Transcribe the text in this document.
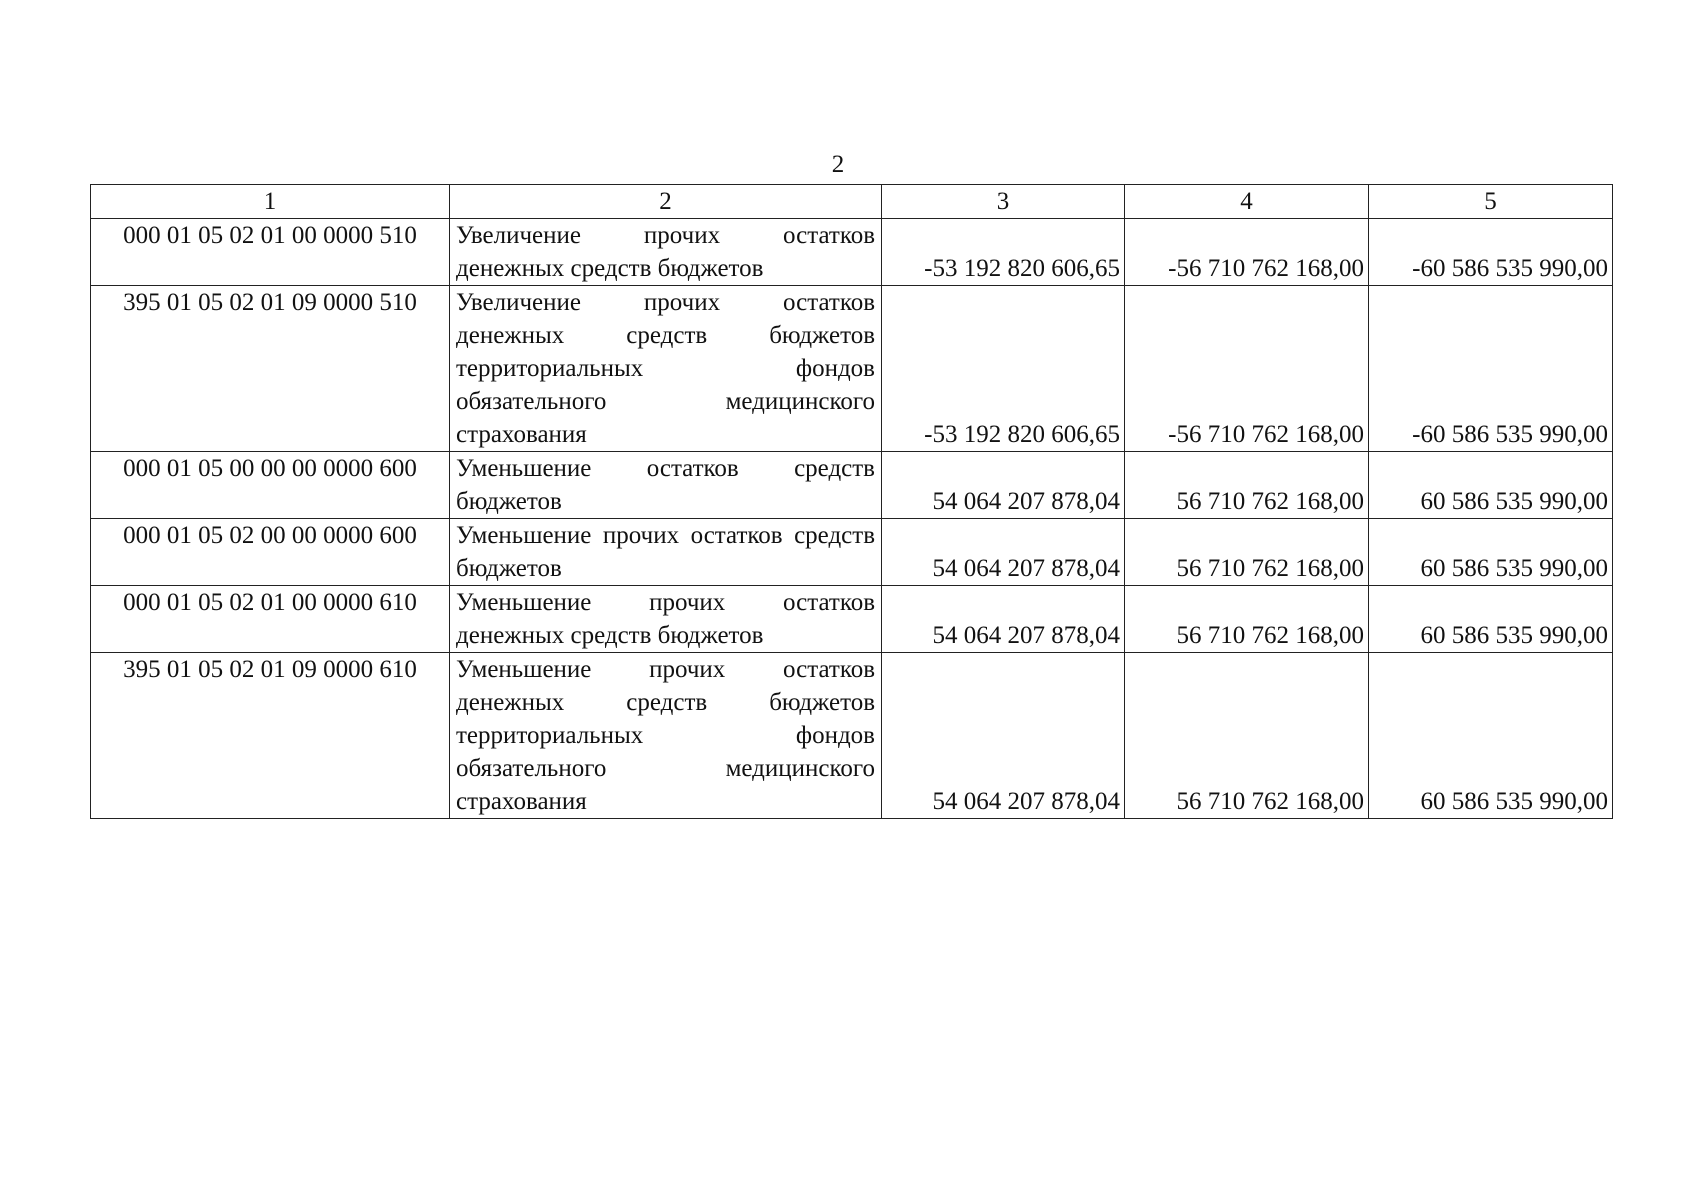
2
1	2	3	4	5
000 01 05 02 01 00 0000 510	Увеличение прочих остатков денежных средств бюджетов	-53 192 820 606,65	-56 710 762 168,00	-60 586 535 990,00
395 01 05 02 01 09 0000 510	Увеличение прочих остатков денежных средств бюджетов территориальных фондов обязательного медицинского страхования	-53 192 820 606,65	-56 710 762 168,00	-60 586 535 990,00
000 01 05 00 00 00 0000 600	Уменьшение остатков средств бюджетов	54 064 207 878,04	56 710 762 168,00	60 586 535 990,00
000 01 05 02 00 00 0000 600	Уменьшение прочих остатков средств бюджетов	54 064 207 878,04	56 710 762 168,00	60 586 535 990,00
000 01 05 02 01 00 0000 610	Уменьшение прочих остатков денежных средств бюджетов	54 064 207 878,04	56 710 762 168,00	60 586 535 990,00
395 01 05 02 01 09 0000 610	Уменьшение прочих остатков денежных средств бюджетов территориальных фондов обязательного медицинского страхования	54 064 207 878,04	56 710 762 168,00	60 586 535 990,00
